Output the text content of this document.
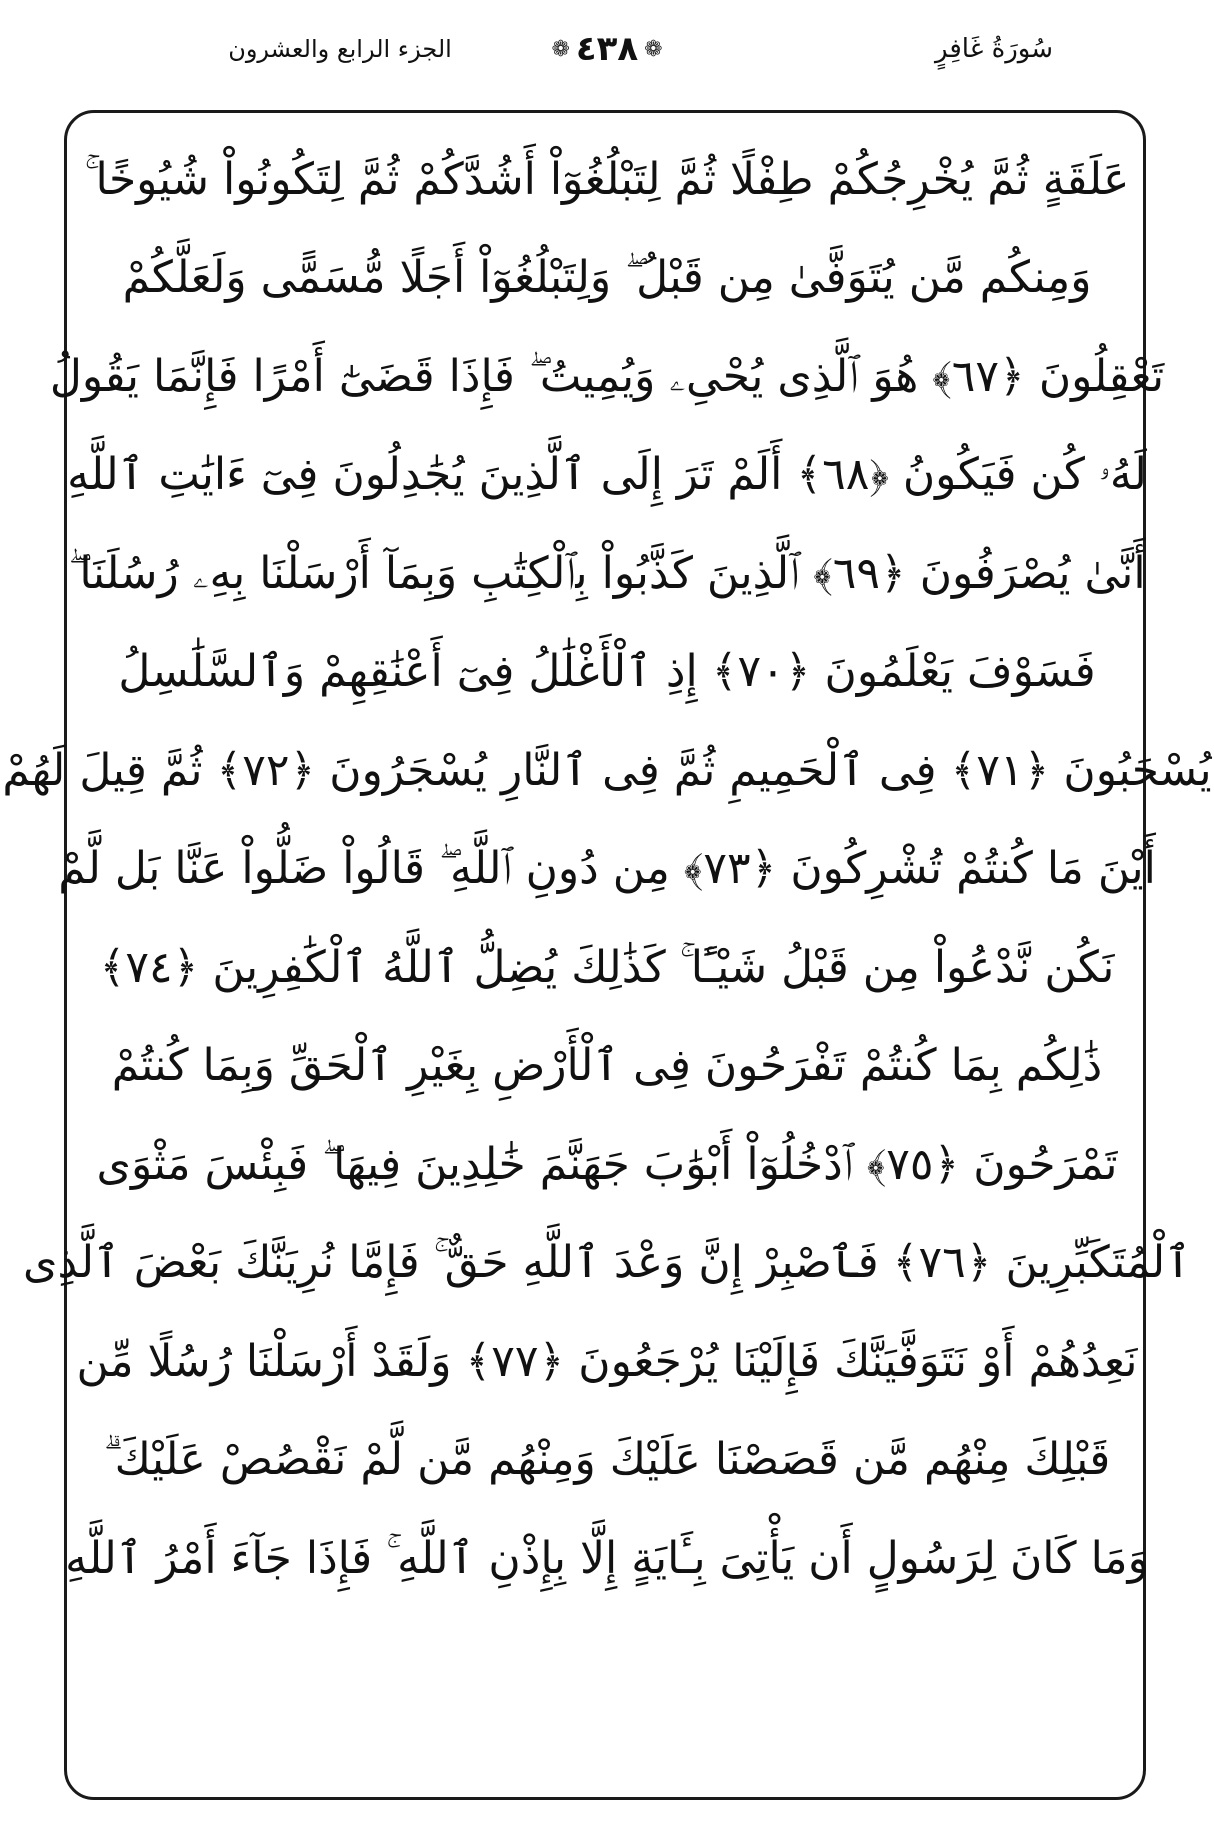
سُورَةُ غَافِرٍ
❁
٤٣٨
❁
الجزء الرابع والعشرون
عَلَقَةٍ ثُمَّ يُخْرِجُكُمْ طِفْلًا ثُمَّ لِتَبْلُغُوٓاْ أَشُدَّكُمْ ثُمَّ لِتَكُونُواْ شُيُوخًا ۚ
وَمِنكُم مَّن يُتَوَفَّىٰ مِن قَبْلُ ۖ وَلِتَبْلُغُوٓاْ أَجَلًا مُّسَمًّى وَلَعَلَّكُمْ
تَعْقِلُونَ ﴿٦٧﴾ هُوَ ٱلَّذِى يُحْىِۦ وَيُمِيتُ ۖ فَإِذَا قَضَىٰٓ أَمْرًا فَإِنَّمَا يَقُولُ
لَهُۥ كُن فَيَكُونُ ﴿٦٨﴾ أَلَمْ تَرَ إِلَى ٱلَّذِينَ يُجَٰدِلُونَ فِىٓ ءَايَٰتِ ٱللَّهِ
أَنَّىٰ يُصْرَفُونَ ﴿٦٩﴾ ٱلَّذِينَ كَذَّبُواْ بِٱلْكِتَٰبِ وَبِمَآ أَرْسَلْنَا بِهِۦ رُسُلَنَا ۖ
فَسَوْفَ يَعْلَمُونَ ﴿٧٠﴾ إِذِ ٱلْأَغْلَٰلُ فِىٓ أَعْنَٰقِهِمْ وَٱلسَّلَٰسِلُ
يُسْحَبُونَ ﴿٧١﴾ فِى ٱلْحَمِيمِ ثُمَّ فِى ٱلنَّارِ يُسْجَرُونَ ﴿٧٢﴾ ثُمَّ قِيلَ لَهُمْ
أَيْنَ مَا كُنتُمْ تُشْرِكُونَ ﴿٧٣﴾ مِن دُونِ ٱللَّهِ ۖ قَالُواْ ضَلُّواْ عَنَّا بَل لَّمْ
نَكُن نَّدْعُواْ مِن قَبْلُ شَيْـًٔا ۚ كَذَٰلِكَ يُضِلُّ ٱللَّهُ ٱلْكَٰفِرِينَ ﴿٧٤﴾
ذَٰلِكُم بِمَا كُنتُمْ تَفْرَحُونَ فِى ٱلْأَرْضِ بِغَيْرِ ٱلْحَقِّ وَبِمَا كُنتُمْ
تَمْرَحُونَ ﴿٧٥﴾ ٱدْخُلُوٓاْ أَبْوَٰبَ جَهَنَّمَ خَٰلِدِينَ فِيهَا ۖ فَبِئْسَ مَثْوَى
ٱلْمُتَكَبِّرِينَ ﴿٧٦﴾ فَٱصْبِرْ إِنَّ وَعْدَ ٱللَّهِ حَقٌّ ۚ فَإِمَّا نُرِيَنَّكَ بَعْضَ ٱلَّذِى
نَعِدُهُمْ أَوْ نَتَوَفَّيَنَّكَ فَإِلَيْنَا يُرْجَعُونَ ﴿٧٧﴾ وَلَقَدْ أَرْسَلْنَا رُسُلًا مِّن
قَبْلِكَ مِنْهُم مَّن قَصَصْنَا عَلَيْكَ وَمِنْهُم مَّن لَّمْ نَقْصُصْ عَلَيْكَ ۗ
وَمَا كَانَ لِرَسُولٍ أَن يَأْتِىَ بِـَٔايَةٍ إِلَّا بِإِذْنِ ٱللَّهِ ۚ فَإِذَا جَآءَ أَمْرُ ٱللَّهِ
